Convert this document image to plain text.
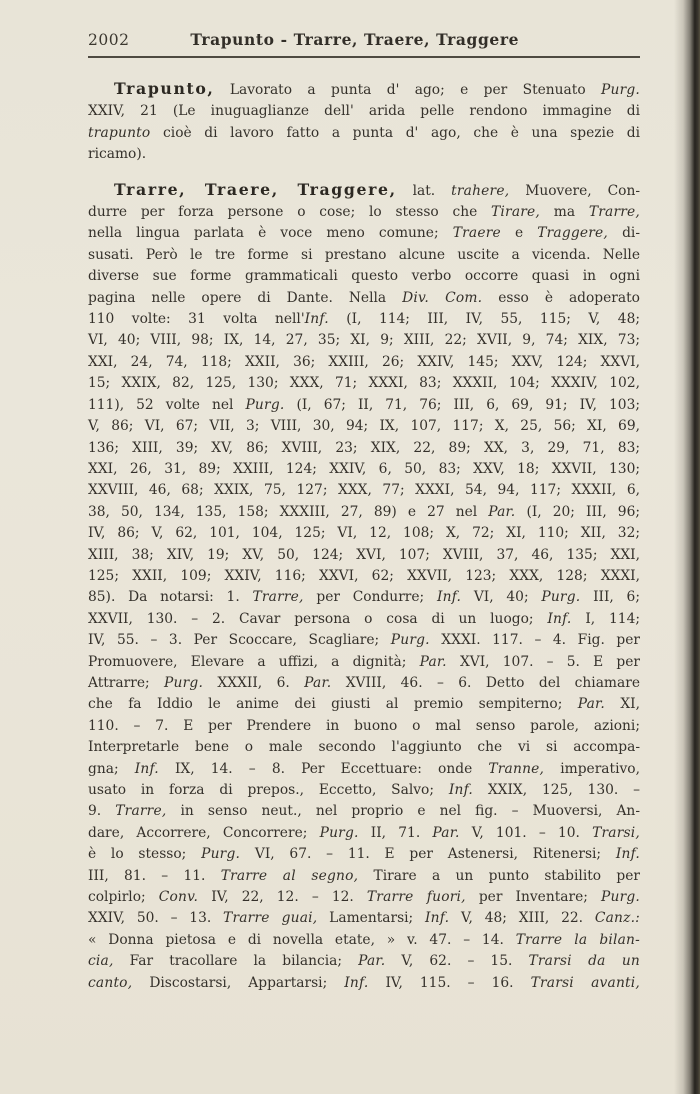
2002	Trapunto - Trarre, Traere, Traggere
Trapunto, Lavorato a punta d' ago; e per Stenuato Purg.
XXIV, 21 (Le inuguaglianze dell' arida pelle rendono immagine di
trapunto cioè di lavoro fatto a punta d' ago, che è una spezie di
ricamo).
Trarre, Traere, Traggere, lat. trahere, Muovere, Con-
durre per forza persone o cose; lo stesso che Tirare, ma Trarre,
nella lingua parlata è voce meno comune; Traere e Traggere, di-
susati. Però le tre forme si prestano alcune uscite a vicenda. Nelle
diverse sue forme grammaticali questo verbo occorre quasi in ogni
pagina nelle opere di Dante. Nella Div. Com. esso è adoperato
110 volte: 31 volta nell'Inf. (I, 114; III, IV, 55, 115; V, 48;
VI, 40; VIII, 98; IX, 14, 27, 35; XI, 9; XIII, 22; XVII, 9, 74; XIX, 73;
XXI, 24, 74, 118; XXII, 36; XXIII, 26; XXIV, 145; XXV, 124; XXVI,
15; XXIX, 82, 125, 130; XXX, 71; XXXI, 83; XXXII, 104; XXXIV, 102,
111), 52 volte nel Purg. (I, 67; II, 71, 76; III, 6, 69, 91; IV, 103;
V, 86; VI, 67; VII, 3; VIII, 30, 94; IX, 107, 117; X, 25, 56; XI, 69,
136; XIII, 39; XV, 86; XVIII, 23; XIX, 22, 89; XX, 3, 29, 71, 83;
XXI, 26, 31, 89; XXIII, 124; XXIV, 6, 50, 83; XXV, 18; XXVII, 130;
XXVIII, 46, 68; XXIX, 75, 127; XXX, 77; XXXI, 54, 94, 117; XXXII, 6,
38, 50, 134, 135, 158; XXXIII, 27, 89) e 27 nel Par. (I, 20; III, 96;
IV, 86; V, 62, 101, 104, 125; VI, 12, 108; X, 72; XI, 110; XII, 32;
XIII, 38; XIV, 19; XV, 50, 124; XVI, 107; XVIII, 37, 46, 135; XXI,
125; XXII, 109; XXIV, 116; XXVI, 62; XXVII, 123; XXX, 128; XXXI,
85). Da notarsi: 1. Trarre, per Condurre; Inf. VI, 40; Purg. III, 6;
XXVII, 130. – 2. Cavar persona o cosa di un luogo; Inf. I, 114;
IV, 55. – 3. Per Scoccare, Scagliare; Purg. XXXI. 117. – 4. Fig. per
Promuovere, Elevare a uffizi, a dignità; Par. XVI, 107. – 5. E per
Attrarre; Purg. XXXII, 6. Par. XVIII, 46. – 6. Detto del chiamare
che fa Iddio le anime dei giusti al premio sempiterno; Par. XI,
110. – 7. E per Prendere in buono o mal senso parole, azioni;
Interpretarle bene o male secondo l'aggiunto che vi si accompa-
gna; Inf. IX, 14. – 8. Per Eccettuare: onde Tranne, imperativo,
usato in forza di prepos., Eccetto, Salvo; Inf. XXIX, 125, 130. –
9. Trarre, in senso neut., nel proprio e nel fig. – Muoversi, An-
dare, Accorrere, Concorrere; Purg. II, 71. Par. V, 101. – 10. Trarsi,
è lo stesso; Purg. VI, 67. – 11. E per Astenersi, Ritenersi; Inf.
III, 81. – 11. Trarre al segno, Tirare a un punto stabilito per
colpirlo; Conv. IV, 22, 12. – 12. Trarre fuori, per Inventare; Purg.
XXIV, 50. – 13. Trarre guai, Lamentarsi; Inf. V, 48; XIII, 22. Canz.:
« Donna pietosa e di novella etate, » v. 47. – 14. Trarre la bilan-
cia, Far tracollare la bilancia; Par. V, 62. – 15. Trarsi da un
canto, Discostarsi, Appartarsi; Inf. IV, 115. – 16. Trarsi avanti,
